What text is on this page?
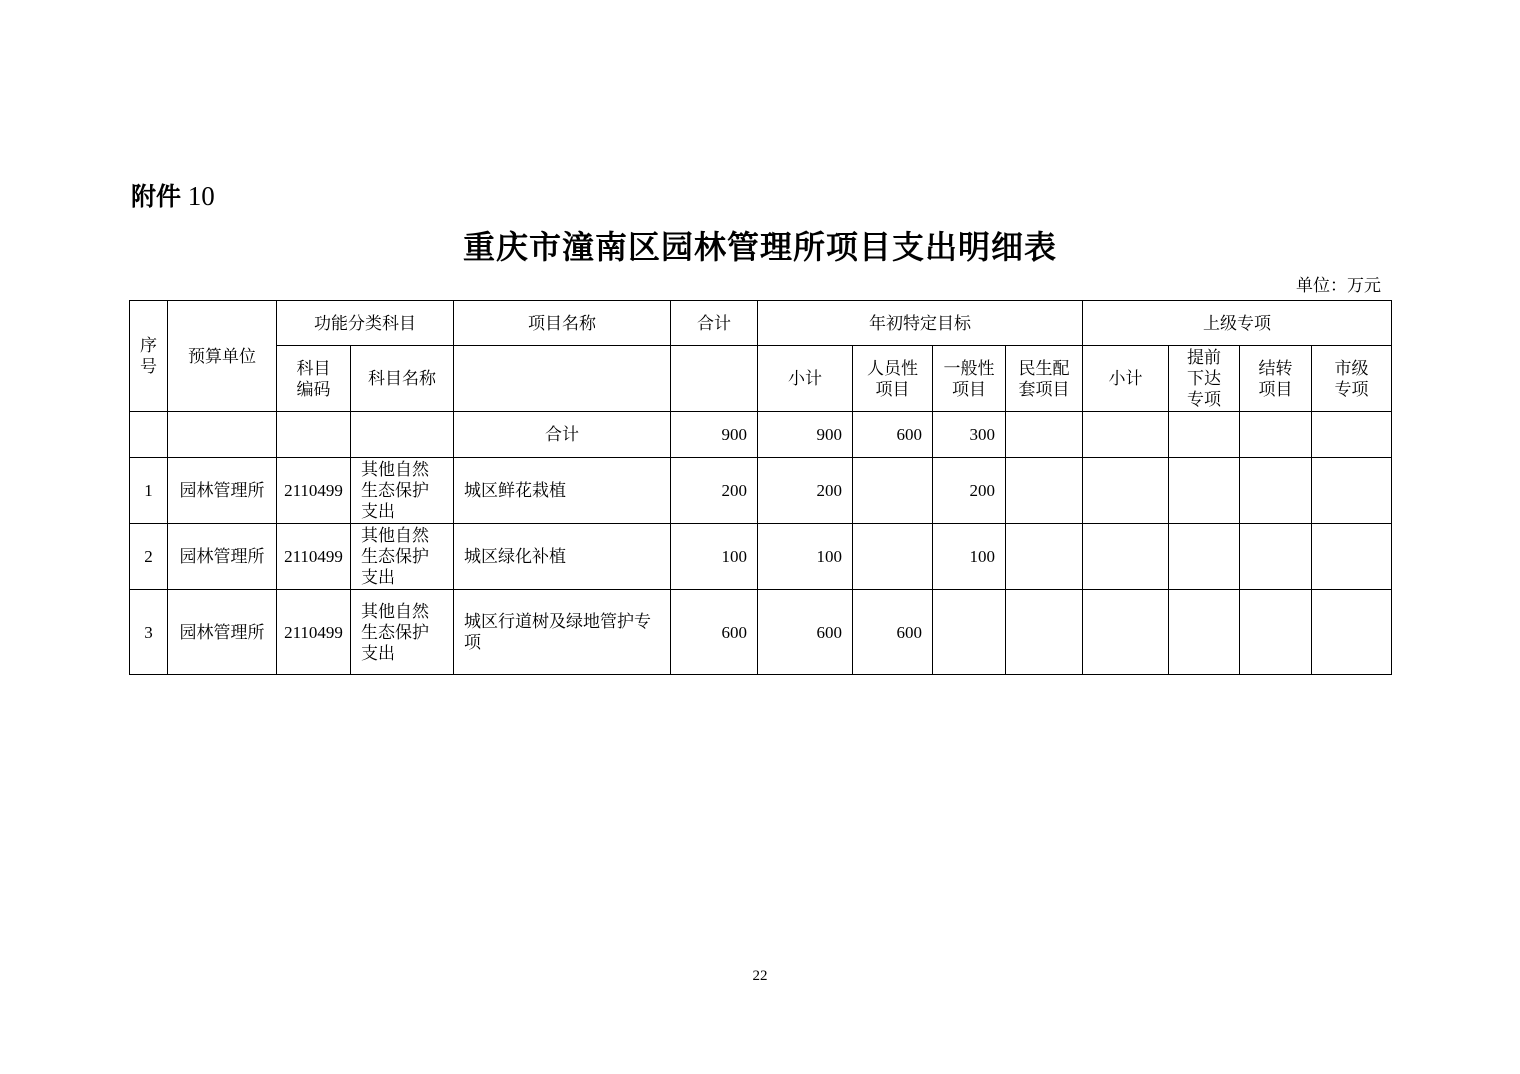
附件 10
重庆市潼南区园林管理所项目支出明细表
单位：万元
序号	预算单位	功能分类科目		项目名称	合计	年初特定目标				上级专项			

		科目编码	科目名称			小计	人员性项目	一般性项目	民生配套项目	小计	提前下达专项	结转项目	市级专项

				合计	900	900	600	300					
1	园林管理所	2110499	其他自然生态保护支出	城区鲜花栽植	200	200		200					
2	园林管理所	2110499	其他自然生态保护支出	城区绿化补植	100	100		100					
3	园林管理所	2110499	其他自然生态保护支出	城区行道树及绿地管护专项	600	600	600						
22
